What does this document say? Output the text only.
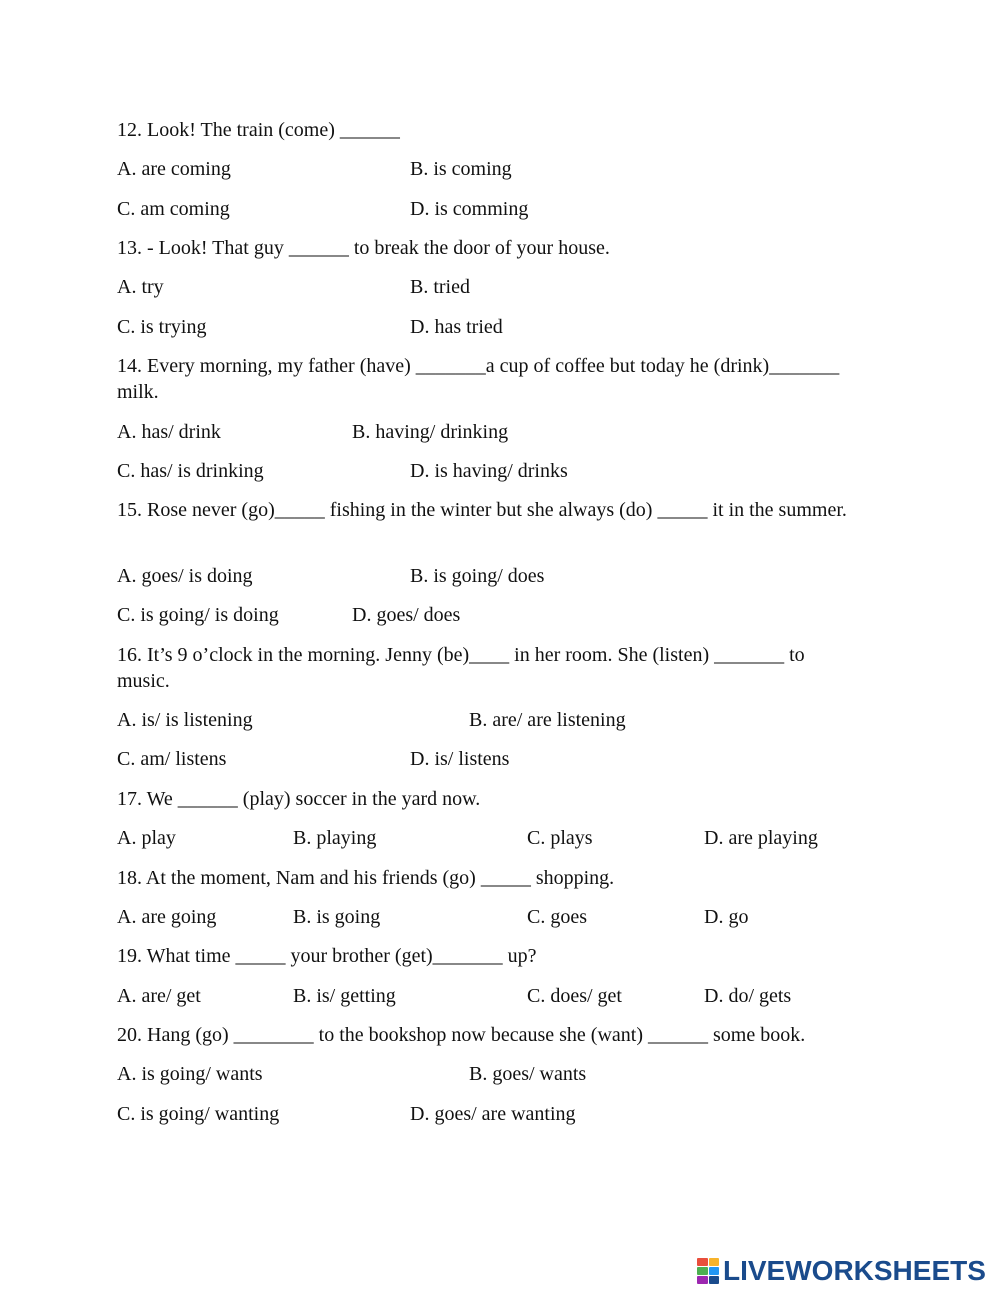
12. Look! The train (come) ______
A. are coming	B. is coming
C. am coming	D. is comming
13. - Look! That guy ______ to break the door of your house.
A. try	B. tried
C. is trying	D. has tried
14. Every morning, my father (have) _______a cup of coffee but today he (drink)_______ milk.
A. has/ drink	B. having/ drinking
C. has/ is drinking	D. is having/ drinks
15. Rose never (go)_____ fishing in the winter but she always (do) _____ it in the summer.
A. goes/ is doing	B. is going/ does
C. is going/ is doing	D. goes/ does
16. It’s 9 o’clock in the morning. Jenny (be)____ in her room. She (listen) _______ to music.
A. is/ is listening	B. are/ are listening
C. am/ listens	D. is/ listens
17. We ______ (play) soccer in the yard now.
A. play	B. playing	C. plays	D. are playing
18. At the moment, Nam and his friends (go) _____ shopping.
A. are going	B. is going	C. goes	D. go
19. What time _____ your brother (get)_______ up?
A. are/ get	B. is/ getting	C. does/ get	D. do/ gets
20. Hang (go) ________ to the bookshop now because she (want) ______ some book.
A. is going/ wants	B. goes/ wants
C. is going/ wanting	D. goes/ are wanting
LIVEWORKSHEETS
